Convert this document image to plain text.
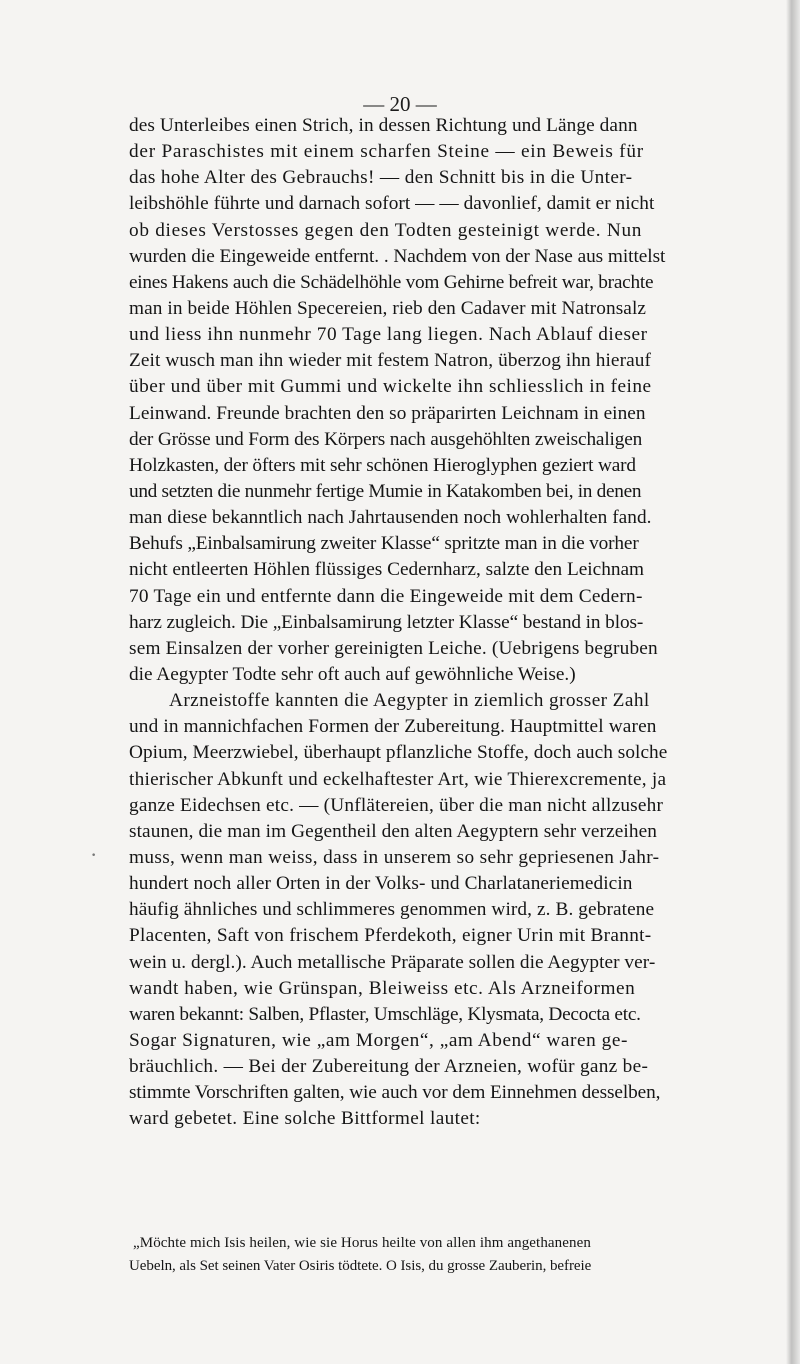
— 20 —
•
des Unterleibes einen Strich, in dessen Richtung und Länge dann
der Paraschistes mit einem scharfen Steine — ein Beweis für
das hohe Alter des Gebrauchs! — den Schnitt bis in die Unter-
leibshöhle führte und darnach sofort — — davonlief, damit er nicht
ob dieses Verstosses gegen den Todten gesteinigt werde. Nun
wurden die Eingeweide entfernt. . Nachdem von der Nase aus mittelst
eines Hakens auch die Schädelhöhle vom Gehirne befreit war, brachte
man in beide Höhlen Specereien, rieb den Cadaver mit Natronsalz
und liess ihn nunmehr 70 Tage lang liegen. Nach Ablauf dieser
Zeit wusch man ihn wieder mit festem Natron, überzog ihn hierauf
über und über mit Gummi und wickelte ihn schliesslich in feine
Leinwand. Freunde brachten den so präparirten Leichnam in einen
der Grösse und Form des Körpers nach ausgehöhlten zweischaligen
Holzkasten, der öfters mit sehr schönen Hieroglyphen geziert ward
und setzten die nunmehr fertige Mumie in Katakomben bei, in denen
man diese bekanntlich nach Jahrtausenden noch wohlerhalten fand.
Behufs „Einbalsamirung zweiter Klasse“ spritzte man in die vorher
nicht entleerten Höhlen flüssiges Cedernharz, salzte den Leichnam
70 Tage ein und entfernte dann die Eingeweide mit dem Cedern-
harz zugleich. Die „Einbalsamirung letzter Klasse“ bestand in blos-
sem Einsalzen der vorher gereinigten Leiche. (Uebrigens begruben
die Aegypter Todte sehr oft auch auf gewöhnliche Weise.)
Arzneistoffe kannten die Aegypter in ziemlich grosser Zahl
und in mannichfachen Formen der Zubereitung. Hauptmittel waren
Opium, Meerzwiebel, überhaupt pflanzliche Stoffe, doch auch solche
thierischer Abkunft und eckelhaftester Art, wie Thierexcremente, ja
ganze Eidechsen etc. — (Unflätereien, über die man nicht allzusehr
staunen, die man im Gegentheil den alten Aegyptern sehr verzeihen
muss, wenn man weiss, dass in unserem so sehr gepriesenen Jahr-
hundert noch aller Orten in der Volks- und Charlataneriemedicin
häufig ähnliches und schlimmeres genommen wird, z. B. gebratene
Placenten, Saft von frischem Pferdekoth, eigner Urin mit Brannt-
wein u. dergl.). Auch metallische Präparate sollen die Aegypter ver-
wandt haben, wie Grünspan, Bleiweiss etc. Als Arzneiformen
waren bekannt: Salben, Pflaster, Umschläge, Klysmata, Decocta etc.
Sogar Signaturen, wie „am Morgen“, „am Abend“ waren ge-
bräuchlich. — Bei der Zubereitung der Arzneien, wofür ganz be-
stimmte Vorschriften galten, wie auch vor dem Einnehmen desselben,
ward gebetet. Eine solche Bittformel lautet:
„Möchte mich Isis heilen, wie sie Horus heilte von allen ihm angethanenen
Uebeln, als Set seinen Vater Osiris tödtete. O Isis, du grosse Zauberin, befreie
